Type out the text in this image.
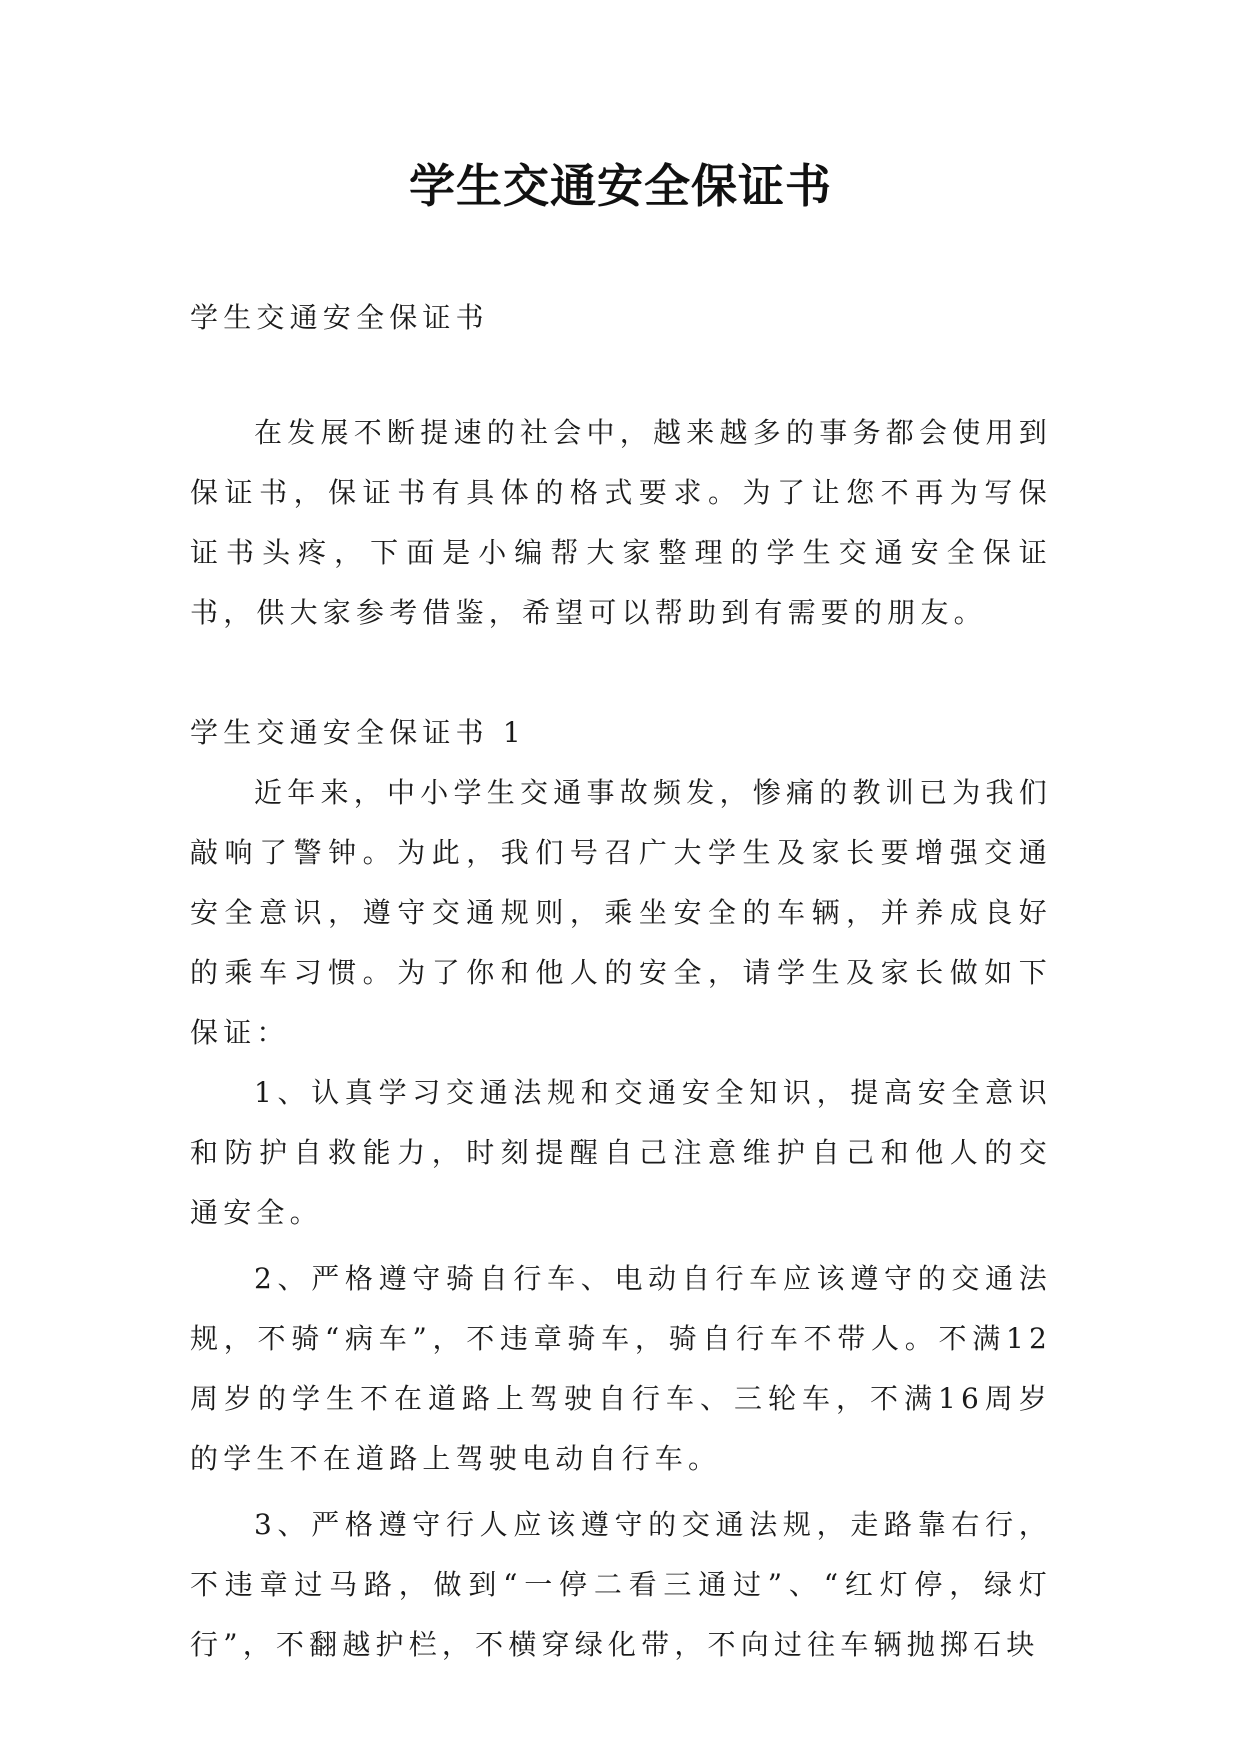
学生交通安全保证书

学生交通安全保证书

在发展不断提速的社会中，越来越多的事务都会使用到保证书，保证书有具体的格式要求。为了让您不再为写保证书头疼，下面是小编帮大家整理的学生交通安全保证书，供大家参考借鉴，希望可以帮助到有需要的朋友。

学生交通安全保证书 1

近年来，中小学生交通事故频发，惨痛的教训已为我们敲响了警钟。为此，我们号召广大学生及家长要增强交通安全意识，遵守交通规则，乘坐安全的车辆，并养成良好的乘车习惯。为了你和他人的安全，请学生及家长做如下保证：

1、认真学习交通法规和交通安全知识，提高安全意识和防护自救能力，时刻提醒自己注意维护自己和他人的交通安全。

2、严格遵守骑自行车、电动自行车应该遵守的交通法规，不骑“病车”，不违章骑车，骑自行车不带人。不满12周岁的学生不在道路上驾驶自行车、三轮车，不满16周岁的学生不在道路上驾驶电动自行车。

3、严格遵守行人应该遵守的交通法规，走路靠右行，不违章过马路，做到“一停二看三通过”、“红灯停，绿灯行”，不翻越护栏，不横穿绿化带，不向过往车辆抛掷石块
